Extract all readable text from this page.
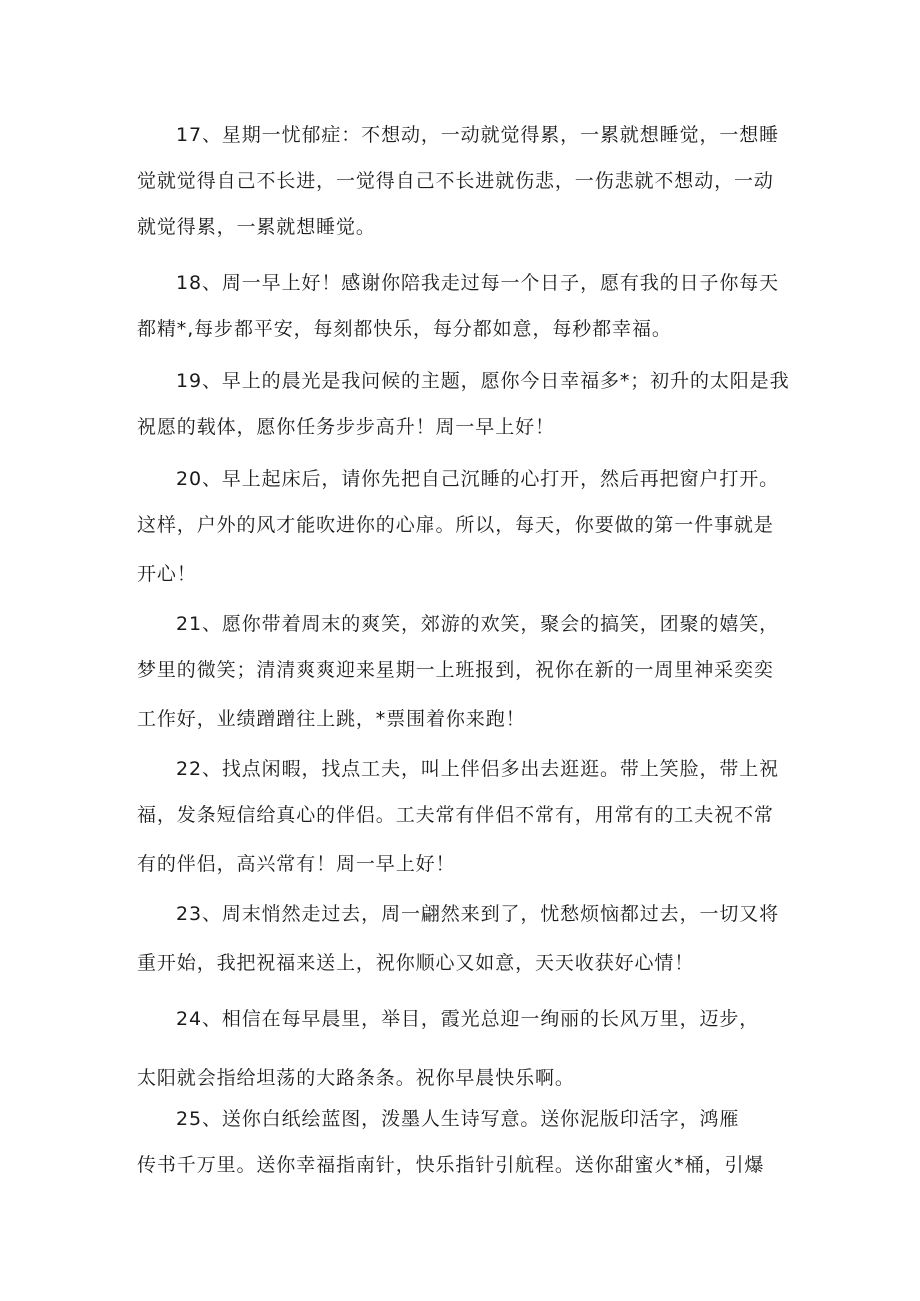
17、星期一忧郁症：不想动，一动就觉得累，一累就想睡觉，一想睡
觉就觉得自己不长进，一觉得自己不长进就伤悲，一伤悲就不想动，一动
就觉得累，一累就想睡觉。
18、周一早上好！感谢你陪我走过每一个日子，愿有我的日子你每天
都精*,每步都平安，每刻都快乐，每分都如意，每秒都幸福。
19、早上的晨光是我问候的主题，愿你今日幸福多*；初升的太阳是我
祝愿的载体，愿你任务步步高升！周一早上好！
20、早上起床后，请你先把自己沉睡的心打开，然后再把窗户打开。
这样，户外的风才能吹进你的心扉。所以，每天，你要做的第一件事就是
开心！
21、愿你带着周末的爽笑，郊游的欢笑，聚会的搞笑，团聚的嬉笑，
梦里的微笑；清清爽爽迎来星期一上班报到，祝你在新的一周里神采奕奕
工作好，业绩蹭蹭往上跳，*票围着你来跑！
22、找点闲暇，找点工夫，叫上伴侣多出去逛逛。带上笑脸，带上祝
福，发条短信给真心的伴侣。工夫常有伴侣不常有，用常有的工夫祝不常
有的伴侣，高兴常有！周一早上好！
23、周末悄然走过去，周一翩然来到了，忧愁烦恼都过去，一切又将
重开始，我把祝福来送上，祝你顺心又如意，天天收获好心情！
24、相信在每早晨里，举目，霞光总迎一绚丽的长风万里，迈步，
太阳就会指给坦荡的大路条条。祝你早晨快乐啊。
25、送你白纸绘蓝图，泼墨人生诗写意。送你泥版印活字，鸿雁
传书千万里。送你幸福指南针，快乐指针引航程。送你甜蜜火*桶，引爆
